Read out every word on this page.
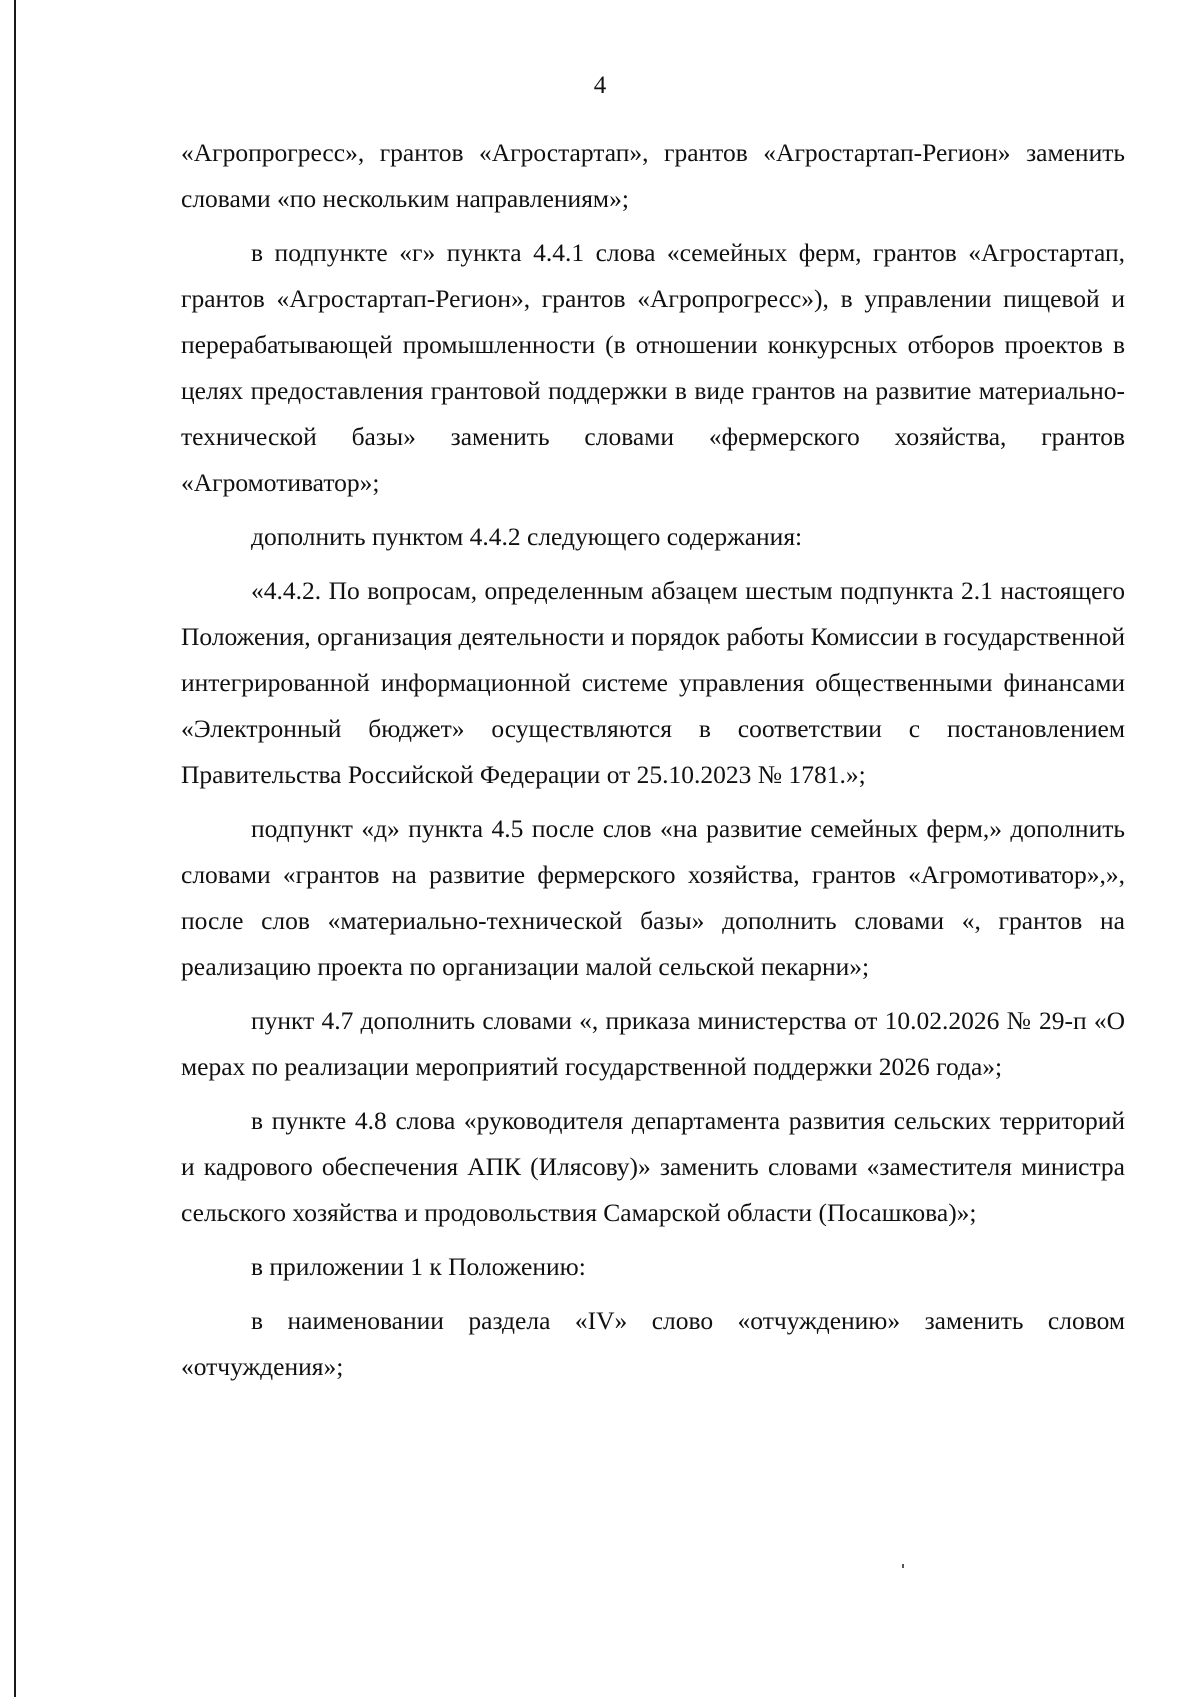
4

«Агропрогресс», грантов «Агростартап», грантов «Агростартап-Регион» заменить словами «по нескольким направлениям»;

в подпункте «г» пункта 4.4.1 слова «семейных ферм, грантов «Агростартап, грантов «Агростартап-Регион», грантов «Агропрогресс»), в управлении пищевой и перерабатывающей промышленности (в отношении конкурсных отборов проектов в целях предоставления грантовой поддержки в виде грантов на развитие материально-технической базы» заменить словами «фермерского хозяйства, грантов «Агромотиватор»;

дополнить пунктом 4.4.2 следующего содержания:

«4.4.2. По вопросам, определенным абзацем шестым подпункта 2.1 настоящего Положения, организация деятельности и порядок работы Комиссии в государственной интегрированной информационной системе управления общественными финансами «Электронный бюджет» осуществляются в соответствии с постановлением Правительства Российской Федерации от 25.10.2023 № 1781.»;

подпункт «д» пункта 4.5 после слов «на развитие семейных ферм,» дополнить словами «грантов на развитие фермерского хозяйства, грантов «Агромотиватор»,», после слов «материально-технической базы» дополнить словами «, грантов на реализацию проекта по организации малой сельской пекарни»;

пункт 4.7 дополнить словами «, приказа министерства от 10.02.2026 № 29-п «О мерах по реализации мероприятий государственной поддержки 2026 года»;

в пункте 4.8 слова «руководителя департамента развития сельских территорий и кадрового обеспечения АПК (Илясову)» заменить словами «заместителя министра сельского хозяйства и продовольствия Самарской области (Посашкова)»;

в приложении 1 к Положению:

в наименовании раздела «IV» слово «отчуждению» заменить словом «отчуждения»;
